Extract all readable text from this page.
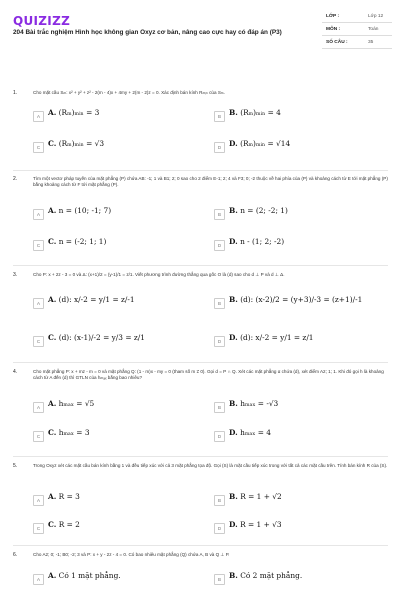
QUIZIZZ
204 Bài trắc nghiệm Hình học không gian Oxyz cơ bản, nâng cao cực hay có đáp án (P3)
LỚP :	Lớp 12
MÔN :	Toán
SỐ CÂU :	35
1.	Cho mặt cầu Sₘ: x² + y² + z² - 2(m - 4)x + 4my + 2(m - 2)z = 0. Xác định bán kính Rₘᵢₙ của Sₘ.
A	A. (Rₘ)ₘᵢₙ = 3	B	B. (Rₘ)ₘᵢₙ = 4
C	C. (Rₘ)ₘᵢₙ = √3	D	D. (Rₘ)ₘᵢₙ = √14
2.	Tìm một vectơ pháp tuyến của mặt phẳng (P) chứa AB: -1; 1 và B1; 2; 0 sao cho 2 điểm E-1; 2; 4 và F3; 0; -2 thuộc về hai phía của (P) và khoảng cách từ E tới mặt phẳng (P) bằng khoảng cách từ F tới mặt phẳng (P).
A	A. n = (10; -1; 7)	B	B. n = (2; -2; 1)
C	C. n = (-2; 1; 1)	D	D. n - (1; 2; -2)
3.	Cho P: x + 2z - 3 = 0 và Δ: (x+1)/2 = (y-1)/1 = z/1. Viết phương trình đường thẳng qua gốc O là (d) sao cho d ⊥ P và d ⊥ Δ.
A	A. (d): x/-2 = y/1 = z/-1	B	B. (d): (x-2)/2 = (y+3)/-3 = (z+1)/-1
C	C. (d): (x-1)/-2 = y/3 = z/1	D	D. (d): x/-2 = y/1 = z/1
4.	Cho mặt phẳng P: x + mz - m = 0 và mặt phẳng Q: (1 - m)x - my = 0 (tham số m ≠ 0). Gọi d = P ∩ Q. Xét các mặt phẳng α chứa (d), xét điểm A2; 1; 1. Khi đó gọi h là khoảng cách từ A đến (d) thì GTLN của hₘₐₓ bằng bao nhiêu?
A	A. hₘₐₓ = √5	B	B. hₘₐₓ = -√3
C	C. hₘₐₓ = 3	D	D. hₘₐₓ = 4
5.	Trong Oxyz xét các mặt cầu bán kính bằng 1 và đều tiếp xúc với cả 3 mặt phẳng tọa độ. Gọi (S) là mặt cầu tiếp xúc trong với tất cả các mặt cầu trên. Tính bán kính R của (S).
A	A. R = 3	B	B. R = 1 + √2
C	C. R = 2	D	D. R = 1 + √3
6.	Cho A2; 0; -1; B0; -2; 3 và P: x + y - 2z - 4 = 0. Có bao nhiêu mặt phẳng (Q) chứa A, B và Q ⊥ P.
A	A. Có 1 mặt phẳng.	B	B. Có 2 mặt phẳng.
